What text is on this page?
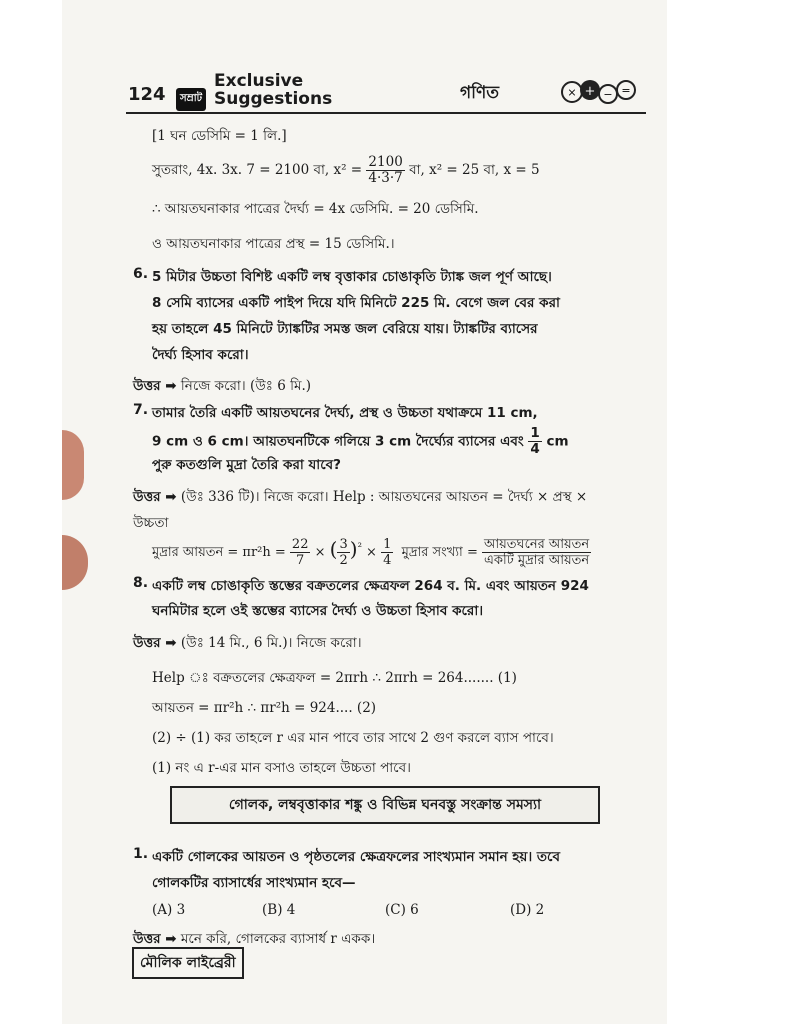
124	সম্রাট
Exclusive
Suggestions	গণিত	× + − =
[1 ঘন ডেসিমি = 1 লি.]
সুতরাং, 4x. 3x. 7 = 2100 বা, $x^2 = \frac{2100}{4\cdot 3\cdot 7}$ বা, x² = 25 বা, x = 5
∴ আয়তঘনাকার পাত্রের দৈর্ঘ্য = 4x ডেসিমি. = 20 ডেসিমি.
ও আয়তঘনাকার পাত্রের প্রস্থ = 15 ডেসিমি.।
6. 5 মিটার উচ্চতা বিশিষ্ট একটি লম্ব বৃত্তাকার চোঙাকৃতি ট্যাঙ্ক জল পূর্ণ আছে।
8 সেমি ব্যাসের একটি পাইপ দিয়ে যদি মিনিটে 225 মি. বেগে জল বের করা
হয় তাহলে 45 মিনিটে ট্যাঙ্কটির সমস্ত জল বেরিয়ে যায়। ট্যাঙ্কটির ব্যাসের
দৈর্ঘ্য হিসাব করো।
উত্তর ➡ নিজে করো। (উঃ 6 মি.)
7. তামার তৈরি একটি আয়তঘনের দৈর্ঘ্য, প্রস্থ ও উচ্চতা যথাক্রমে 11 cm,
9 cm ও 6 cm। আয়তঘনটিকে গলিয়ে 3 cm দৈর্ঘ্যের ব্যাসের এবং $\frac{1}{4}$ cm
পুরু কতগুলি মুদ্রা তৈরি করা যাবে?
উত্তর ➡ (উঃ 336 টি)। নিজে করো। Help : আয়তঘনের আয়তন = দৈর্ঘ্য × প্রস্থ ×
উচ্চতা
মুদ্রার আয়তন = $\pi r^2h = \frac{22}{7}$ × ( $\frac{3}{2} )^{^2} \times \frac{1}{4}$ মুদ্রার সংখ্যা = $\frac{\text{আয়তঘনের আয়তন}}{\text{একটি মুদ্রার আয়তন}}$
8. একটি লম্ব চোঙাকৃতি স্তম্ভের বক্রতলের ক্ষেত্রফল 264 ব. মি. এবং আয়তন 924
ঘনমিটার হলে ওই স্তম্ভের ব্যাসের দৈর্ঘ্য ও উচ্চতা হিসাব করো।
উত্তর ➡ (উঃ 14 মি., 6 মি.)। নিজে করো।
Help ঃ বক্রতলের ক্ষেত্রফল = 2πrh ∴ 2πrh = 264....... (1)
আয়তন = πr²h ∴ πr²h = 924.... (2)
(2) ÷ (1) কর তাহলে r এর মান পাবে তার সাথে 2 গুণ করলে ব্যাস পাবে।
(1) নং এ r-এর মান বসাও তাহলে উচ্চতা পাবে।
গোলক, লম্ববৃত্তাকার শঙ্কু ও বিভিন্ন ঘনবস্তু সংক্রান্ত সমস্যা
1. একটি গোলকের আয়তন ও পৃষ্ঠতলের ক্ষেত্রফলের সাংখ্যমান সমান হয়। তবে
গোলকটির ব্যাসার্ধের সাংখ্যমান হবে—
(A) 3	(B) 4	(C) 6	(D) 2
উত্তর ➡ মনে করি, গোলকের ব্যাসার্ধ r একক।
মৌলিক লাইব্রেরী
